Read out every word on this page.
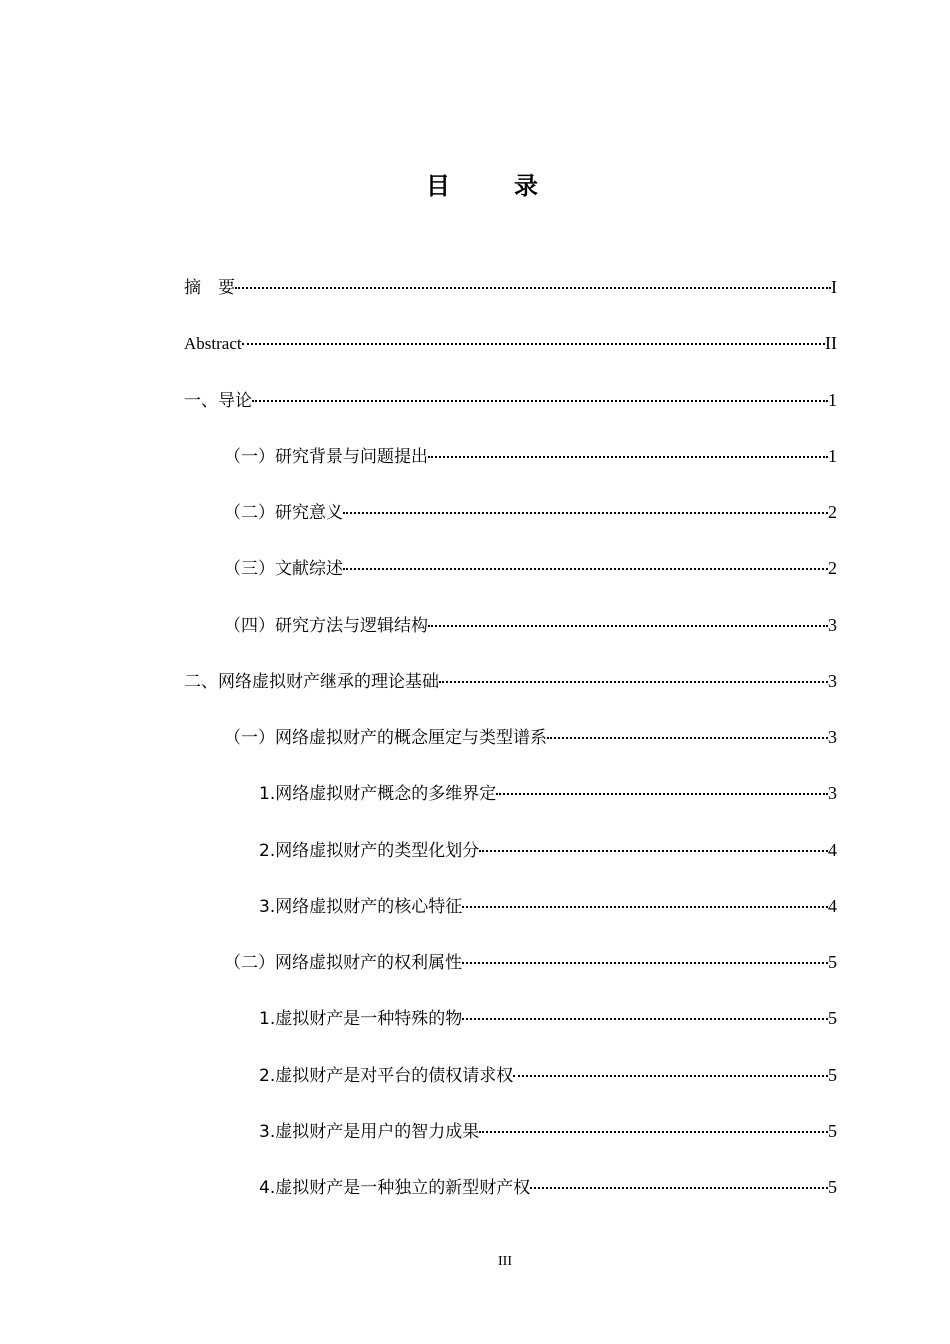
目　录
摘　要	I
Abstract	II
一、导论	1
（一）研究背景与问题提出	1
（二）研究意义	2
（三）文献综述	2
（四）研究方法与逻辑结构	3
二、网络虚拟财产继承的理论基础	3
（一）网络虚拟财产的概念厘定与类型谱系	3
1.网络虚拟财产概念的多维界定	3
2.网络虚拟财产的类型化划分	4
3.网络虚拟财产的核心特征	4
（二）网络虚拟财产的权利属性	5
1.虚拟财产是一种特殊的物	5
2.虚拟财产是对平台的债权请求权	5
3.虚拟财产是用户的智力成果	5
4.虚拟财产是一种独立的新型财产权	5
III
